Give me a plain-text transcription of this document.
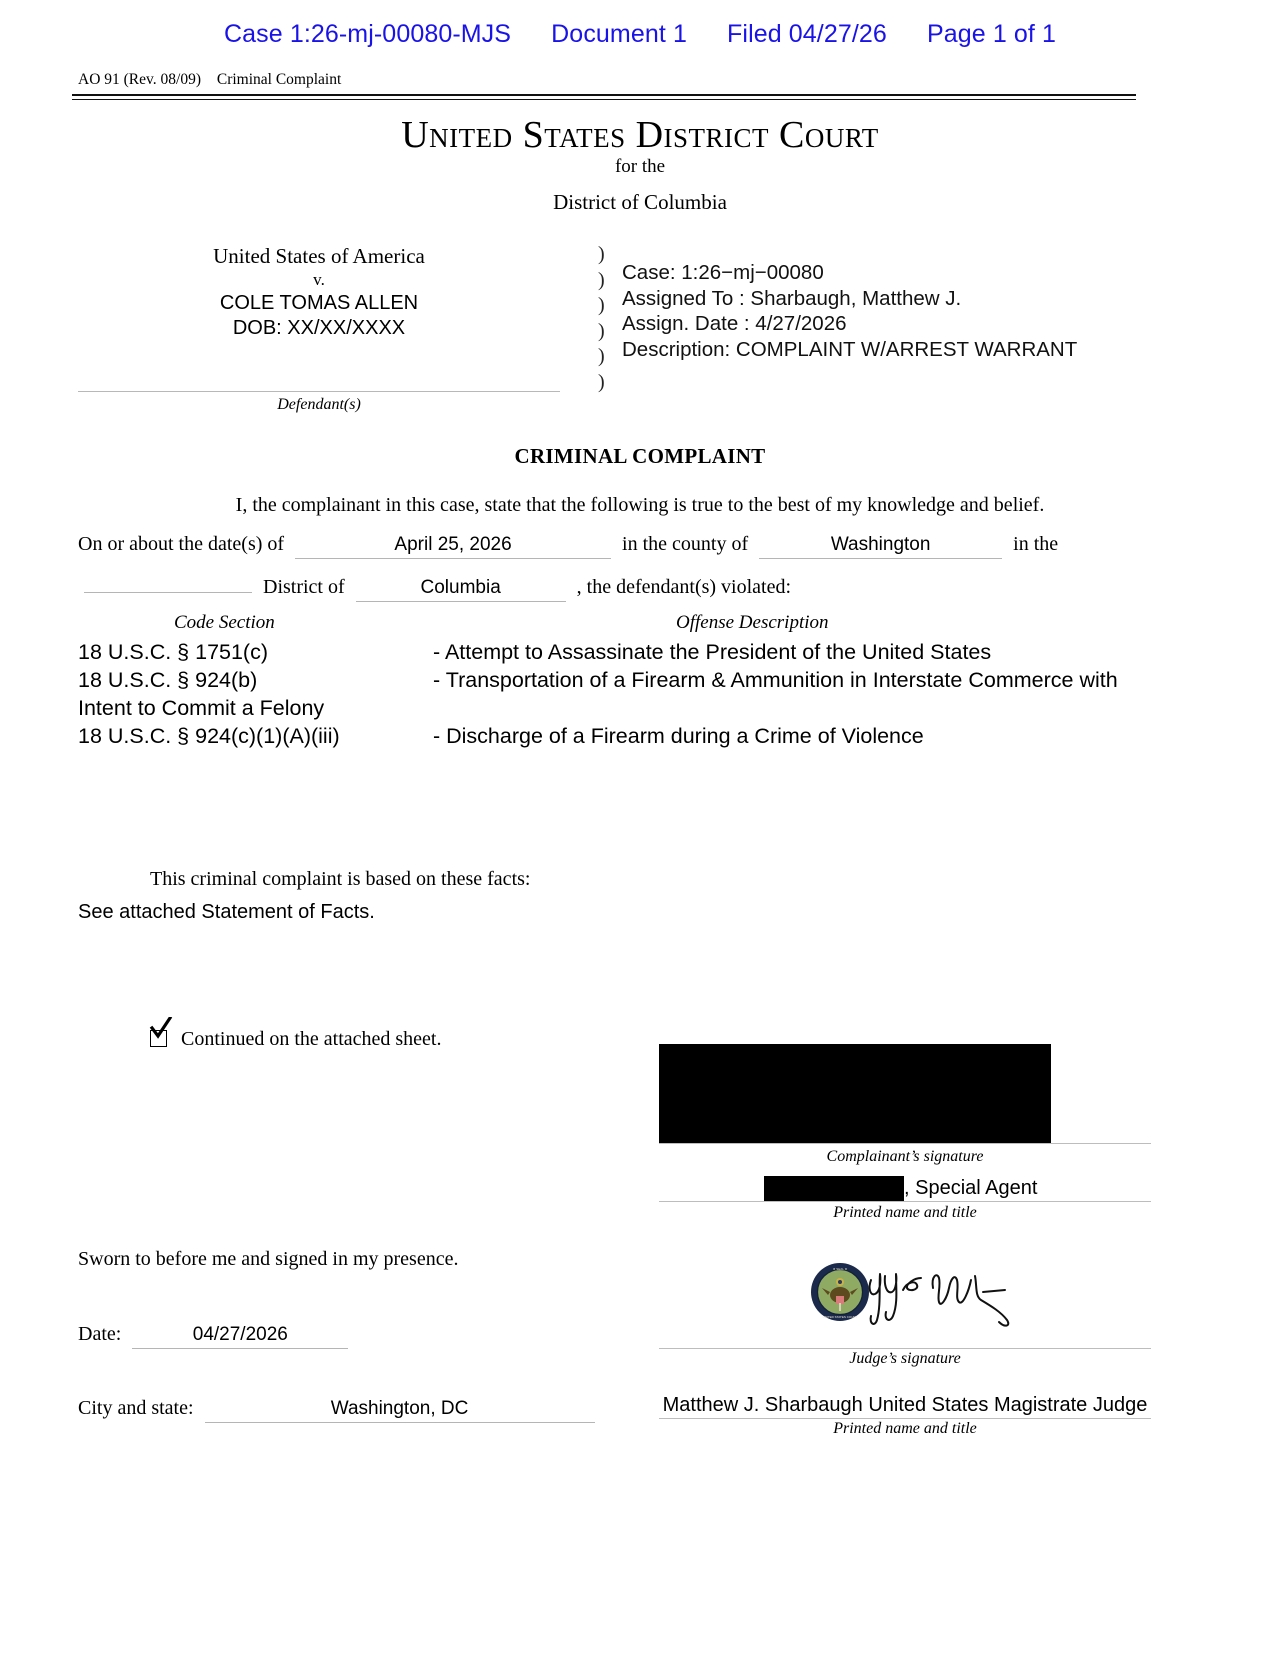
Case 1:26-mj-00080-MJS Document 1 Filed 04/27/26 Page 1 of 1
AO 91 (Rev. 08/09) Criminal Complaint
United States District Court
for the
District of Columbia
United States of America
v.
COLE TOMAS ALLEN
DOB: XX/XX/XXXX
Defendant(s)
)
)
)
)
)
)
Case: 1:26−mj−00080
Assigned To : Sharbaugh, Matthew J.
Assign. Date : 4/27/2026
Description: COMPLAINT W/ARREST WARRANT
CRIMINAL COMPLAINT
I, the complainant in this case, state that the following is true to the best of my knowledge and belief.
On or about the date(s) of	April 25, 2026	in the county of	Washington	in the
District of	Columbia	, the defendant(s) violated:
Code Section	Offense Description
18 U.S.C. § 1751(c)	- Attempt to Assassinate the President of the United States
18 U.S.C. § 924(b)	- Transportation of a Firearm & Ammunition in Interstate Commerce with Intent to Commit a Felony
18 U.S.C. § 924(c)(1)(A)(iii)	- Discharge of a Firearm during a Crime of Violence
This criminal complaint is based on these facts:
See attached Statement of Facts.
Continued on the attached sheet.
Complainant’s signature
, Special Agent
Printed name and title
Sworn to before me and signed in my presence.	★ SEAL ★
UNITED STATES COURT
Judge’s signature
Date:	04/27/2026
City and state:	Washington, DC	Matthew J. Sharbaugh United States Magistrate Judge
Printed name and title
